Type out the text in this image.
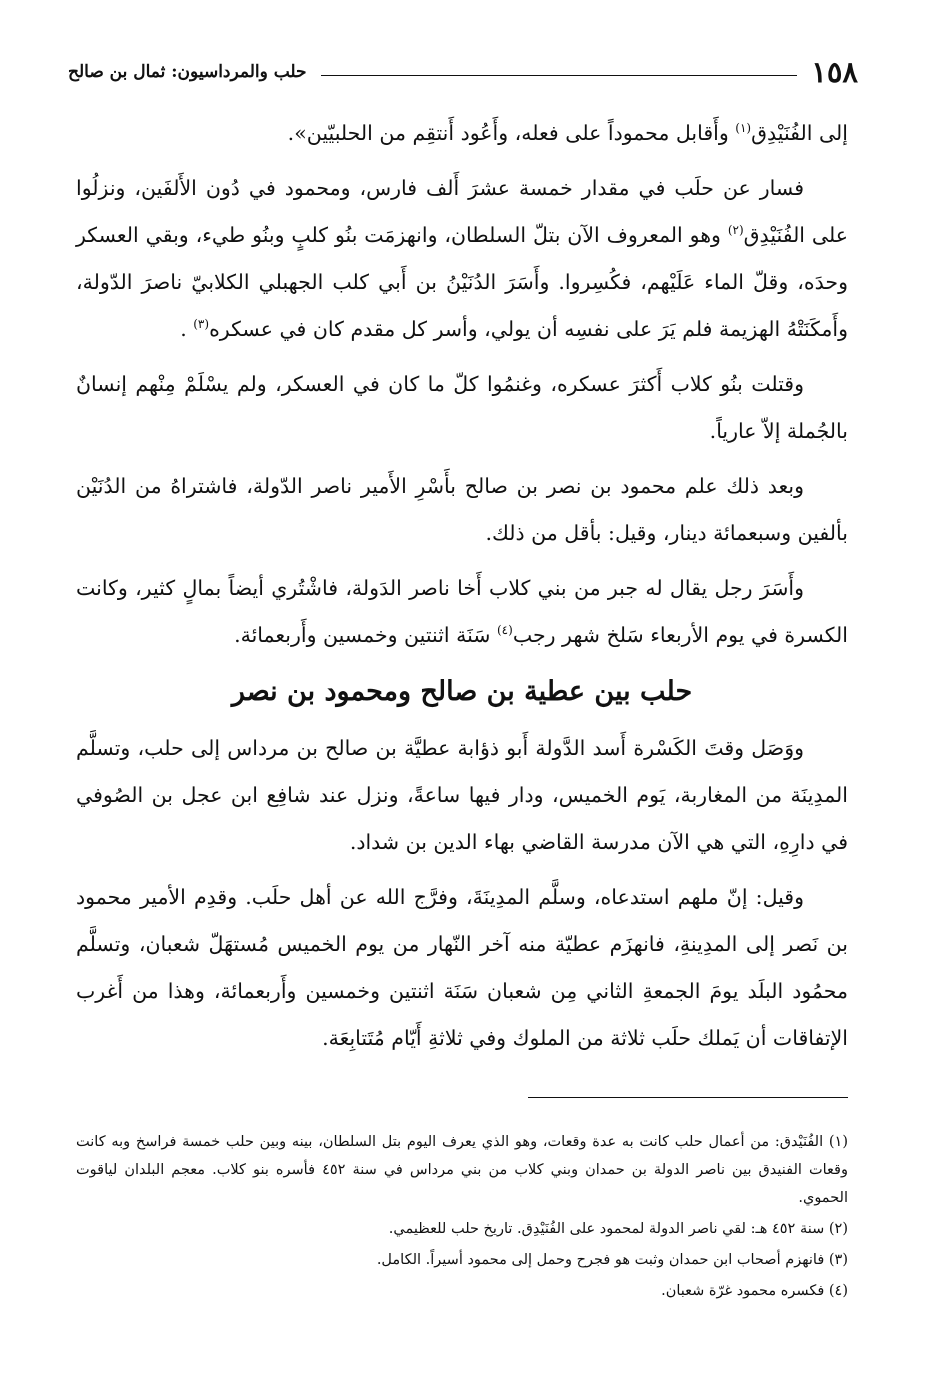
١٥٨
حلب والمرداسيون: ثمال بن صالح

إلى الفُنَيْدِق$^{(١)}$ وأَقابل محموداً على فعله، وأَعُود أَنتقِم من الحلبيّين».

فسار عن حلَب في مقدار خمسة عشرَ أَلف فارس، ومحمود في دُون الأَلفَين، ونزلُوا على الفُنَيْدِق$^{(٢)}$ وهو المعروف الآن بتلّ السلطان، وانهزمَت بنُو كلبٍ وبنُو طيء، وبقي العسكر وحدَه، وقلّ الماء عَلَيْهم، فكُسِروا. وأَسَرَ الدُنَيْنُ بن أَبي كلب الجهبلي الكلابيّ ناصرَ الدّولة، وأَمكَنَتْهُ الهزيمة فلم يَرَ على نفسِه أن يولي، وأسر كل مقدم كان في عسكره$^{(٣)}$ .

وقتلت بنُو كلاب أَكثرَ عسكره، وغنمُوا كلّ ما كان في العسكر، ولم يسْلَمْ مِنْهم إنسانٌ بالجُملة إلاّ عارياً.

وبعد ذلك علم محمود بن نصر بن صالح بأَسْرِ الأَمير ناصر الدّولة، فاشتراهُ من الدُنَيْن بألفين وسبعمائة دينار، وقيل: بأقل من ذلك.

وأَسَرَ رجل يقال له جبر من بني كلاب أَخا ناصر الدَولة، فاشْتُري أيضاً بمالٍ كثير، وكانت الكسرة في يوم الأربعاء سَلخ شهر رجب$^{(٤)}$ سَنَة اثنتين وخمسين وأَربعمائة.

حلب بين عطية بن صالح ومحمود بن نصر

ووَصَل وقتَ الكَسْرة أَسد الدَّولة أَبو ذؤابة عطيَّة بن صالح بن مرداس إلى حلب، وتسلَّم المدِينَة من المغاربة، يَوم الخميس، ودار فيها ساعةً، ونزل عند شافِع ابن عجل بن الصُوفي في دارِهِ، التي هي الآن مدرسة القاضي بهاء الدين بن شداد.

وقيل: إنّ ملهم استدعاه، وسلَّم المدِينَةَ، وفرَّج الله عن أهل حلَب. وقدِم الأمير محمود بن نَصر إلى المدِينةِ، فانهزَم عطيّة منه آخر النّهار من يوم الخميس مُستهَلّ شعبان، وتسلَّم محمُود البلَد يومَ الجمعةِ الثاني مِن شعبان سَنَة اثنتين وخمسين وأَربعمائة، وهذا من أَغرب الإتفاقات أن يَملك حلَب ثلاثة من الملوك وفي ثلاثةِ أَيّام مُتَتابِعَة.

(١) الفُنَيْدق: من أعمال حلب كانت به عدة وقعات، وهو الذي يعرف اليوم بتل السلطان، بينه وبين حلب خمسة فراسخ وبه كانت وقعات الفنيدق بين ناصر الدولة بن حمدان وبني كلاب من بني مرداس في سنة ٤٥٢ فأسره بنو كلاب. معجم البلدان لياقوت الحموي.

(٢) سنة ٤٥٢ هـ: لقي ناصر الدولة لمحمود على الفُنَيْدِق. تاريخ حلب للعظيمي.

(٣) فانهزم أصحاب ابن حمدان وثبت هو فجرح وحمل إلى محمود أسيراً. الكامل.

(٤) فكسره محمود غرّة شعبان.
